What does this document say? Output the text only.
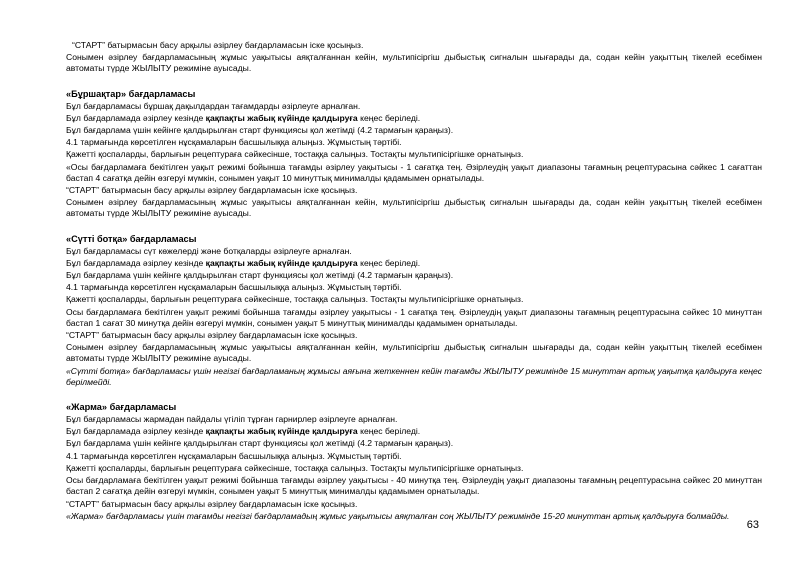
“СТАРТ” батырмасын басу арқылы әзірлеу бағдарламасын іске қосыңыз.

Сонымен әзірлеу бағдарламасының жұмыс уақытысы аяқталғаннан кейін, мультипісіргіш дыбыстық сигналын шығарады да, содан кейін уақыттың тікелей есебімен автоматы түрде ЖЫЛЫТУ режиміне ауысады.

«Бұршақтар» бағдарламасы

Бұл бағдарламасы бұршақ дақылдардан тағамдарды әзірлеуге арналған.

Бұл бағдарламада әзірлеу кезінде қақпақты жабық күйінде қалдыруға кеңес беріледі.

Бұл бағдарлама үшін кейінге қалдырылған старт функциясы қол жетімді (4.2 тармағын қараңыз).

4.1 тармағында көрсетілген нұсқамаларын басшылыққа алыңыз. Жұмыстың тәртібі.

Қажетті қоспаларды, барлығын рецептураға сәйкесінше, тостаққа салыңыз. Тостақты мультипісіргішке орнатыңыз.

«Осы бағдарламаға бекітілген уақыт режимі бойынша тағамды әзірлеу уақытысы - 1 сағатқа тең. Әзірлеудің уақыт диапазоны тағамның рецептурасына сәйкес 1 сағаттан бастап 4 сағатқа дейін өзгеруі мүмкін, сонымен уақыт 10 минуттық минималды қадамымен орнатылады.

“СТАРТ” батырмасын басу арқылы әзірлеу бағдарламасын іске қосыңыз.

Сонымен әзірлеу бағдарламасының жұмыс уақытысы аяқталғаннан кейін, мультипісіргіш дыбыстық сигналын шығарады да, содан кейін уақыттың тікелей есебімен автоматы түрде ЖЫЛЫТУ режиміне ауысады.

«Сүтті ботқа» бағдарламасы

Бұл бағдарламасы сүт көжелерді және ботқаларды әзірлеуге арналған.

Бұл бағдарламада әзірлеу кезінде қақпақты жабық күйінде қалдыруға кеңес беріледі.

Бұл бағдарлама үшін кейінге қалдырылған старт функциясы қол жетімді (4.2 тармағын қараңыз).

4.1 тармағында көрсетілген нұсқамаларын басшылыққа алыңыз. Жұмыстың тәртібі.

Қажетті қоспаларды, барлығын рецептураға сәйкесінше, тостаққа салыңыз. Тостақты мультипісіргішке орнатыңыз.

Осы бағдарламаға бекітілген уақыт режимі бойынша тағамды әзірлеу уақытысы - 1 сағатқа тең. Әзірлеудің уақыт диапазоны тағамның рецептурасына сәйкес 10 минуттан бастап 1 сағат 30 минутқа дейін өзгеруі мүмкін, сонымен уақыт 5 минуттық минималды қадамымен орнатылады.

“СТАРТ” батырмасын басу арқылы әзірлеу бағдарламасын іске қосыңыз.

Сонымен әзірлеу бағдарламасының жұмыс уақытысы аяқталғаннан кейін, мультипісіргіш дыбыстық сигналын шығарады да, содан кейін уақыттың тікелей есебімен автоматы түрде ЖЫЛЫТУ режиміне ауысады.

«Сүтті ботқа» бағдарламасы үшін негізгі бағдарламаның жұмысы аяғына жеткеннен кейін тағамды ЖЫЛЫТУ режимінде 15 минуттан артық уақытқа қалдыруға кеңес берілмейді.

«Жарма» бағдарламасы

Бұл бағдарламасы жармадан пайдалы үгіліп тұрған гарнирлер әзірлеуге арналған.

Бұл бағдарламада әзірлеу кезінде қақпақты жабық күйінде қалдыруға кеңес беріледі.

Бұл бағдарлама үшін кейінге қалдырылған старт функциясы қол жетімді (4.2 тармағын қараңыз).

4.1 тармағында көрсетілген нұсқамаларын басшылыққа алыңыз. Жұмыстың тәртібі.

Қажетті қоспаларды, барлығын рецептураға сәйкесінше, тостаққа салыңыз. Тостақты мультипісіргішке орнатыңыз.

Осы бағдарламаға бекітілген уақыт режимі бойынша тағамды әзірлеу уақытысы - 40 минутқа тең. Әзірлеудің уақыт диапазоны тағамның рецептурасына сәйкес 20 минуттан бастап 2 сағатқа дейін өзгеруі мүмкін, сонымен уақыт 5 минуттық минималды қадамымен орнатылады.

“СТАРТ” батырмасын басу арқылы әзірлеу бағдарламасын іске қосыңыз.

«Жарма» бағдарламасы үшін тағамды негізгі бағдарламадың жұмыс уақытысы аяқталған соң ЖЫЛЫТУ режимінде 15-20 минуттан артық қалдыруға болмайды.

63
